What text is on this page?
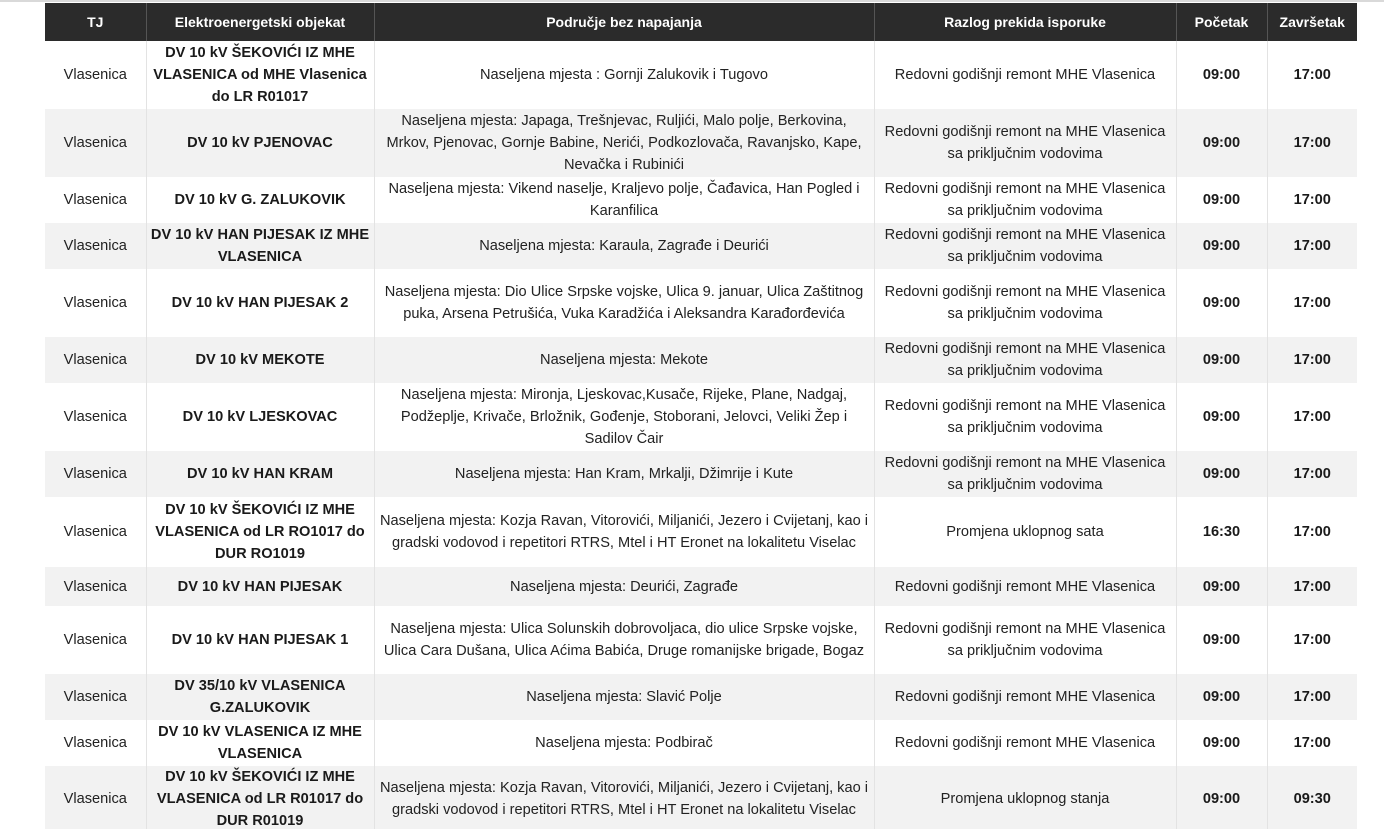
TJ	Elektroenergetski objekat	Područje bez napajanja	Razlog prekida isporuke	Početak	Završetak
Vlasenica	DV 10 kV ŠEKOVIĆI IZ MHE VLASENICA od MHE Vlasenica do LR R01017	Naseljena mjesta : Gornji Zalukovik i Tugovo	Redovni godišnji remont MHE Vlasenica	09:00	17:00
Vlasenica	DV 10 kV PJENOVAC	Naseljena mjesta: Japaga, Trešnjevac, Ruljići, Malo polje, Berkovina, Mrkov, Pjenovac, Gornje Babine, Nerići, Podkozlovača, Ravanjsko, Kape, Nevačka i Rubinići	Redovni godišnji remont na MHE Vlasenica sa priključnim vodovima	09:00	17:00
Vlasenica	DV 10 kV G. ZALUKOVIK	Naseljena mjesta: Vikend naselje, Kraljevo polje, Čađavica, Han Pogled i Karanfilica	Redovni godišnji remont na MHE Vlasenica sa priključnim vodovima	09:00	17:00
Vlasenica	DV 10 kV HAN PIJESAK IZ MHE VLASENICA	Naseljena mjesta: Karaula, Zagrađe i Deurići	Redovni godišnji remont na MHE Vlasenica sa priključnim vodovima	09:00	17:00
Vlasenica	DV 10 kV HAN PIJESAK 2	Naseljena mjesta: Dio Ulice Srpske vojske, Ulica 9. januar, Ulica Zaštitnog puka, Arsena Petrušića, Vuka Karadžića i Aleksandra Karađorđevića	Redovni godišnji remont na MHE Vlasenica sa priključnim vodovima	09:00	17:00
Vlasenica	DV 10 kV MEKOTE	Naseljena mjesta: Mekote	Redovni godišnji remont na MHE Vlasenica sa priključnim vodovima	09:00	17:00
Vlasenica	DV 10 kV LJESKOVAC	Naseljena mjesta: Mironja, Ljeskovac,Kusače, Rijeke, Plane, Nadgaj, Podžeplje, Krivače, Brložnik, Gođenje, Stoborani, Jelovci, Veliki Žep i Sadilov Čair	Redovni godišnji remont na MHE Vlasenica sa priključnim vodovima	09:00	17:00
Vlasenica	DV 10 kV HAN KRAM	Naseljena mjesta: Han Kram, Mrkalji, Džimrije i Kute	Redovni godišnji remont na MHE Vlasenica sa priključnim vodovima	09:00	17:00
Vlasenica	DV 10 kV ŠEKOVIĆI IZ MHE VLASENICA od LR RO1017 do DUR RO1019	Naseljena mjesta: Kozja Ravan, Vitorovići, Miljanići, Jezero i Cvijetanj, kao i gradski vodovod i repetitori RTRS, Mtel i HT Eronet na lokalitetu Viselac	Promjena uklopnog sata	16:30	17:00
Vlasenica	DV 10 kV HAN PIJESAK	Naseljena mjesta: Deurići, Zagrađe	Redovni godišnji remont MHE Vlasenica	09:00	17:00
Vlasenica	DV 10 kV HAN PIJESAK 1	Naseljena mjesta: Ulica Solunskih dobrovoljaca, dio ulice Srpske vojske, Ulica Cara Dušana, Ulica Aćima Babića, Druge romanijske brigade, Bogaz	Redovni godišnji remont na MHE Vlasenica sa priključnim vodovima	09:00	17:00
Vlasenica	DV 35/10 kV VLASENICA G.ZALUKOVIK	Naseljena mjesta: Slavić Polje	Redovni godišnji remont MHE Vlasenica	09:00	17:00
Vlasenica	DV 10 kV VLASENICA IZ MHE VLASENICA	Naseljena mjesta: Podbirač	Redovni godišnji remont MHE Vlasenica	09:00	17:00
Vlasenica	DV 10 kV ŠEKOVIĆI IZ MHE VLASENICA od LR R01017 do DUR R01019	Naseljena mjesta: Kozja Ravan, Vitorovići, Miljanići, Jezero i Cvijetanj, kao i gradski vodovod i repetitori RTRS, Mtel i HT Eronet na lokalitetu Viselac	Promjena uklopnog stanja	09:00	09:30
